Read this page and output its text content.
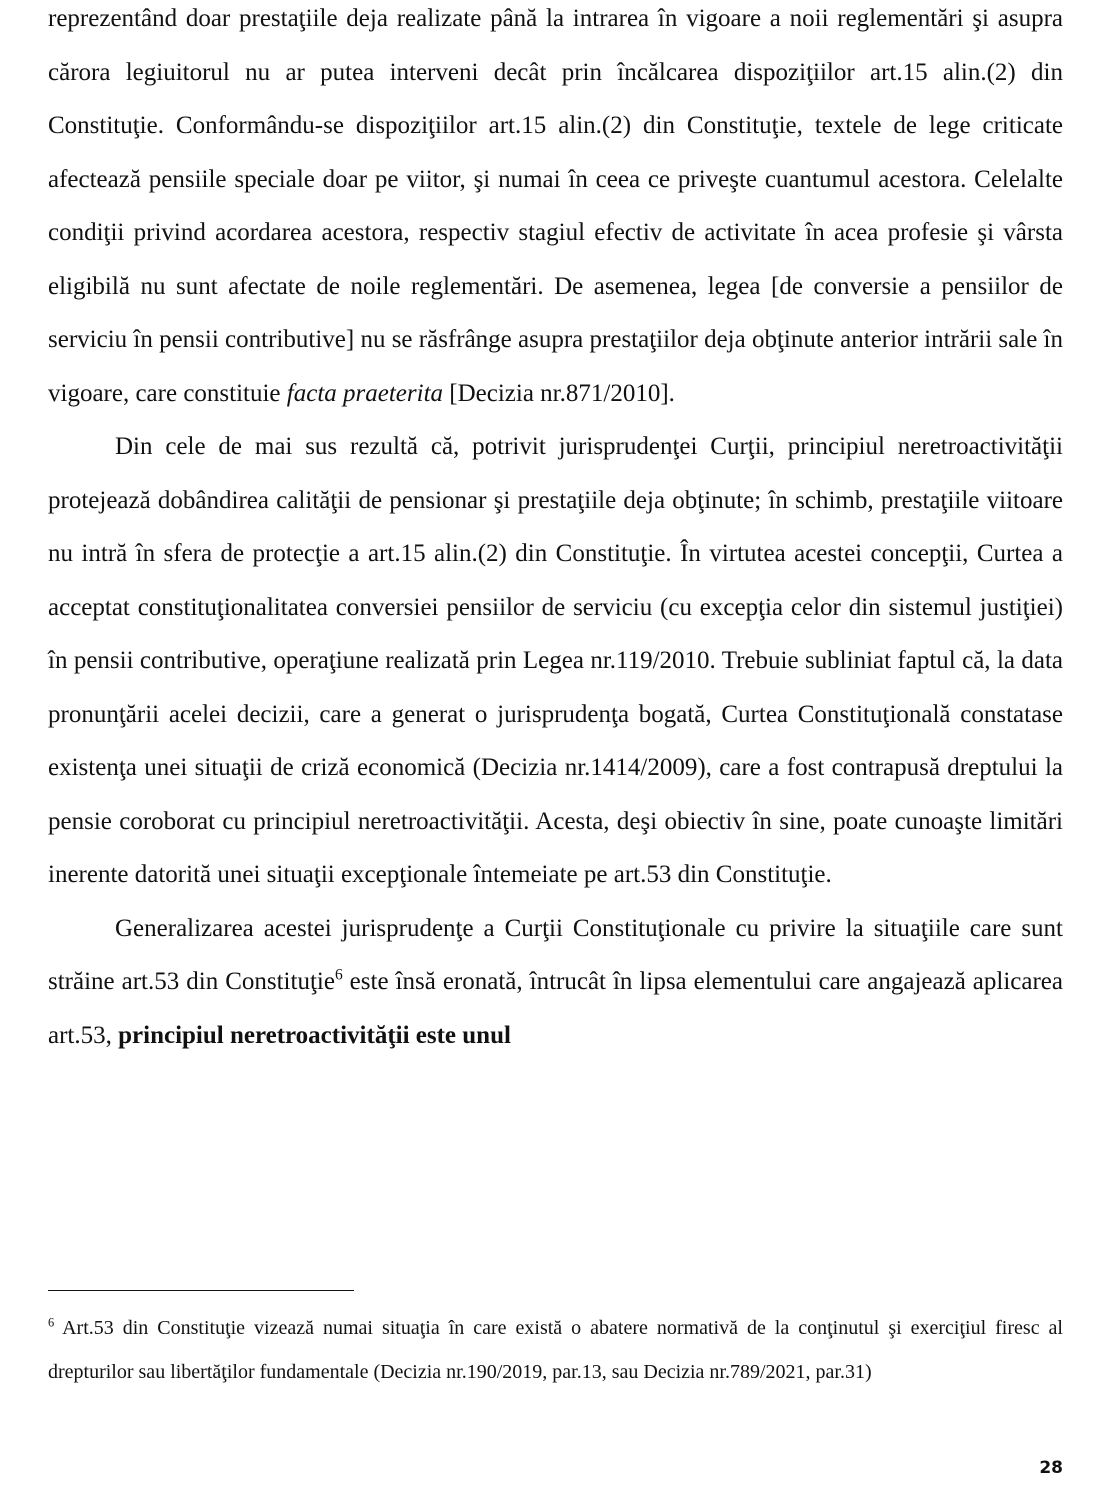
reprezentând doar prestaţiile deja realizate până la intrarea în vigoare a noii reglementări şi asupra cărora legiuitorul nu ar putea interveni decât prin încălcarea dispoziţiilor art.15 alin.(2) din Constituţie. Conformându-se dispoziţiilor art.15 alin.(2) din Constituţie, textele de lege criticate afectează pensiile speciale doar pe viitor, şi numai în ceea ce priveşte cuantumul acestora. Celelalte condiţii privind acordarea acestora, respectiv stagiul efectiv de activitate în acea profesie şi vârsta eligibilă nu sunt afectate de noile reglementări. De asemenea, legea [de conversie a pensiilor de serviciu în pensii contributive] nu se răsfrânge asupra prestaţiilor deja obţinute anterior intrării sale în vigoare, care constituie facta praeterita [Decizia nr.871/2010].

Din cele de mai sus rezultă că, potrivit jurisprudenţei Curţii, principiul neretroactivităţii protejează dobândirea calităţii de pensionar şi prestaţiile deja obţinute; în schimb, prestaţiile viitoare nu intră în sfera de protecţie a art.15 alin.(2) din Constituţie. În virtutea acestei concepţii, Curtea a acceptat constituţionalitatea conversiei pensiilor de serviciu (cu excepţia celor din sistemul justiţiei) în pensii contributive, operaţiune realizată prin Legea nr.119/2010. Trebuie subliniat faptul că, la data pronunţării acelei decizii, care a generat o jurisprudenţa bogată, Curtea Constituţională constatase existenţa unei situaţii de criză economică (Decizia nr.1414/2009), care a fost contrapusă dreptului la pensie coroborat cu principiul neretroactivităţii. Acesta, deşi obiectiv în sine, poate cunoaşte limitări inerente datorită unei situaţii excepţionale întemeiate pe art.53 din Constituţie.

Generalizarea acestei jurisprudenţe a Curţii Constituţionale cu privire la situaţiile care sunt străine art.53 din Constituţie$^6$ este însă eronată, întrucât în lipsa elementului care angajează aplicarea art.53, principiul neretroactivităţii este unul

$^6$ Art.53 din Constituţie vizează numai situaţia în care există o abatere normativă de la conţinutul şi exerciţiul firesc al drepturilor sau libertăţilor fundamentale (Decizia nr.190/2019, par.13, sau Decizia nr.789/2021, par.31)

28
